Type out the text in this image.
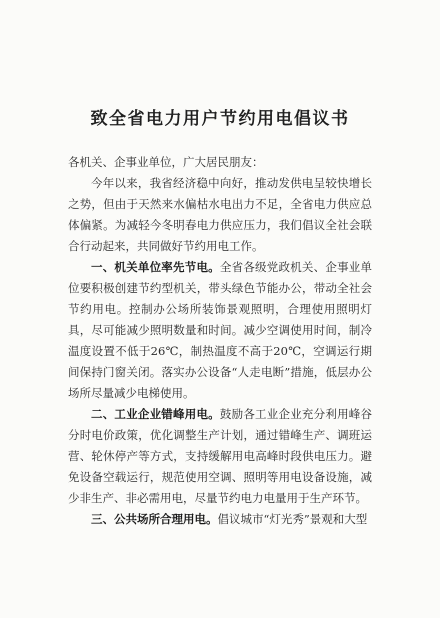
致全省电力用户节约用电倡议书

各机关、企事业单位，广大居民朋友：

今年以来，我省经济稳中向好，推动发供电呈较快增长之势，但由于天然来水偏枯水电出力不足，全省电力供应总体偏紧。为减轻今冬明春电力供应压力，我们倡议全社会联合行动起来，共同做好节约用电工作。

一、机关单位率先节电。全省各级党政机关、企事业单位要积极创建节约型机关，带头绿色节能办公，带动全社会节约用电。控制办公场所装饰景观照明，合理使用照明灯具，尽可能减少照明数量和时间。减少空调使用时间，制冷温度设置不低于26℃，制热温度不高于20℃，空调运行期间保持门窗关闭。落实办公设备“人走电断”措施，低层办公场所尽量减少电梯使用。

二、工业企业错峰用电。鼓励各工业企业充分利用峰谷分时电价政策，优化调整生产计划，通过错峰生产、调班运营、轮休停产等方式，支持缓解用电高峰时段供电压力。避免设备空载运行，规范使用空调、照明等用电设备设施，减少非生产、非必需用电，尽量节约电力电量用于生产环节。

三、公共场所合理用电。倡议城市“灯光秀”景观和大型
